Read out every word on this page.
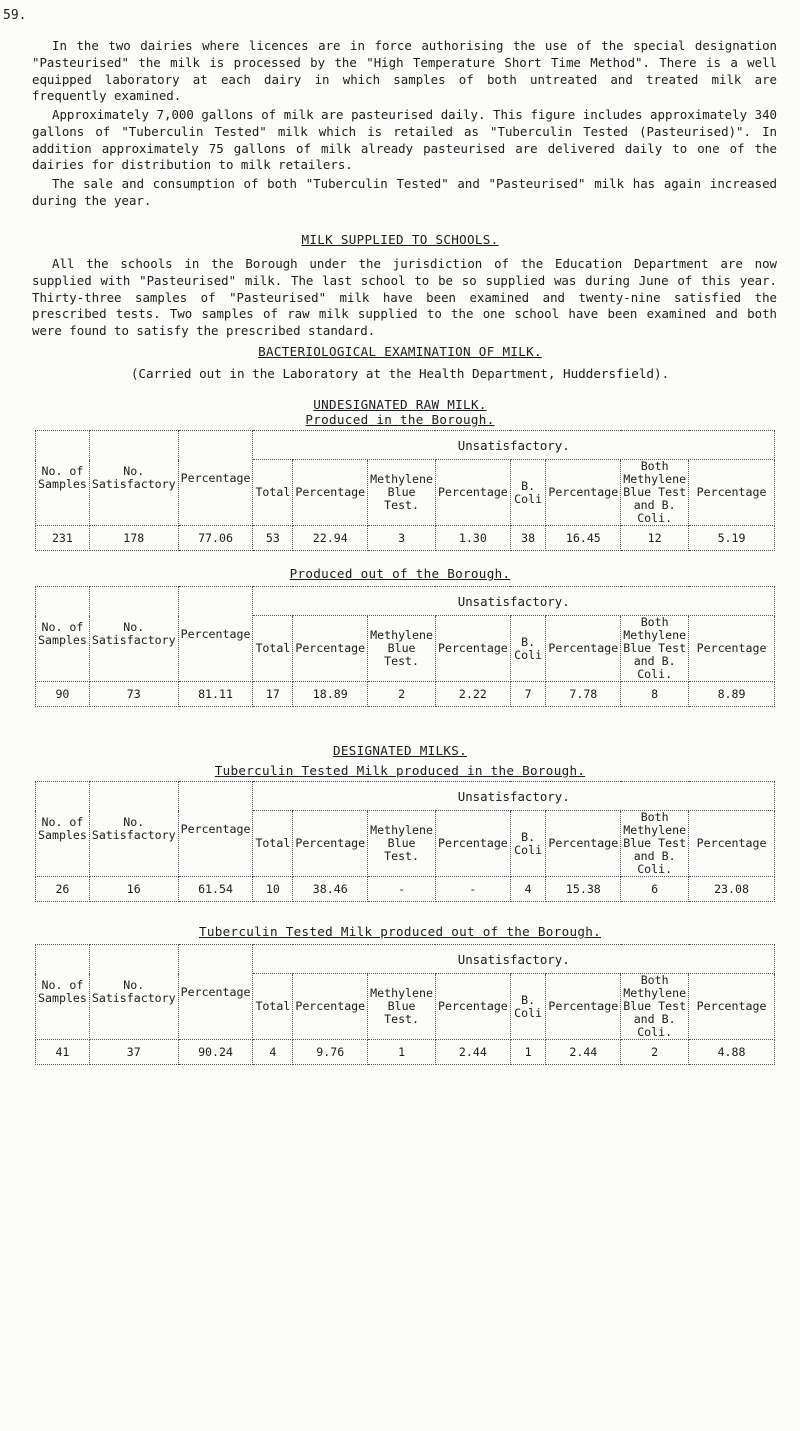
59.
In the two dairies where licences are in force authorising the use of the special designation "Pasteurised" the milk is processed by the "High Temperature Short Time Method". There is a well equipped laboratory at each dairy in which samples of both untreated and treated milk are frequently examined.
Approximately 7,000 gallons of milk are pasteurised daily. This figure includes approximately 340 gallons of "Tuberculin Tested" milk which is retailed as "Tuberculin Tested (Pasteurised)". In addition approximately 75 gallons of milk already pasteurised are delivered daily to one of the dairies for distribution to milk retailers.
The sale and consumption of both "Tuberculin Tested" and "Pasteurised" milk has again increased during the year.
MILK SUPPLIED TO SCHOOLS.
All the schools in the Borough under the jurisdiction of the Education Department are now supplied with "Pasteurised" milk. The last school to be so supplied was during June of this year. Thirty-three samples of "Pasteurised" milk have been examined and twenty-nine satisfied the prescribed tests. Two samples of raw milk supplied to the one school have been examined and both were found to satisfy the prescribed standard.
BACTERIOLOGICAL EXAMINATION OF MILK.
(Carried out in the Laboratory at the Health Department, Huddersfield).
UNDESIGNATED RAW MILK.
Produced in the Borough.
No. of Samples	No. Satisfactory	Percentage	Unsatisfactory.							
			Total	Percentage	Methylene Blue Test.	Percentage	B. Coli	Percentage	Both Methylene Blue Test and B. Coli.	Percentage
231	178	77.06	53	22.94	3	1.30	38	16.45	12	5.19
Produced out of the Borough.
No. of Samples	No. Satisfactory	Percentage	Unsatisfactory.							
			Total	Percentage	Methylene Blue Test.	Percentage	B. Coli	Percentage	Both Methylene Blue Test and B. Coli.	Percentage
90	73	81.11	17	18.89	2	2.22	7	7.78	8	8.89
DESIGNATED MILKS.
Tuberculin Tested Milk produced in the Borough.
No. of Samples	No. Satisfactory	Percentage	Unsatisfactory.							
			Total	Percentage	Methylene Blue Test.	Percentage	B. Coli	Percentage	Both Methylene Blue Test and B. Coli.	Percentage
26	16	61.54	10	38.46	-	-	4	15.38	6	23.08
Tuberculin Tested Milk produced out of the Borough.
No. of Samples	No. Satisfactory	Percentage	Unsatisfactory.							
			Total	Percentage	Methylene Blue Test.	Percentage	B. Coli	Percentage	Both Methylene Blue Test and B. Coli.	Percentage
41	37	90.24	4	9.76	1	2.44	1	2.44	2	4.88
